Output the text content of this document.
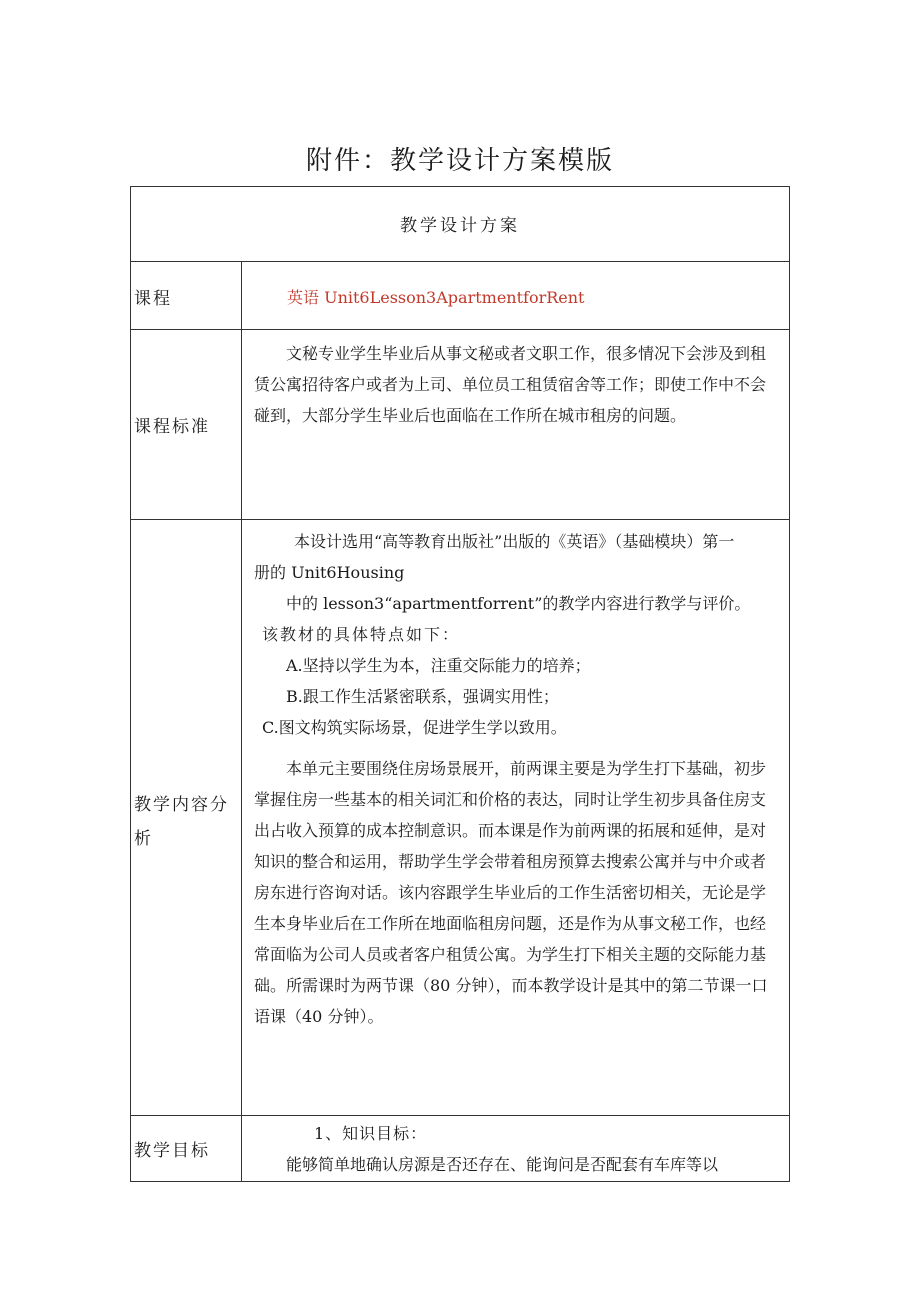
附件：教学设计方案模版
教学设计方案
课程	英语 Unit6Lesson3ApartmentforRent
课程标准

文秘专业学生毕业后从事文秘或者文职工作，很多情况下会涉及到租赁公寓招待客户或者为上司、单位员工租赁宿舍等工作；即使工作中不会碰到，大部分学生毕业后也面临在工作所在城市租房的问题。

教学内容分析
本设计选用“高等教育出版社”出版的《英语》（基础模块）第一
册的 Unit6Housing
中的 lesson3“apartmentforrent”的教学内容进行教学与评价。
该教材的具体特点如下：
A.坚持以学生为本，注重交际能力的培养；
B.跟工作生活紧密联系，强调实用性；
C.图文构筑实际场景，促进学生学以致用。

本单元主要围绕住房场景展开，前两课主要是为学生打下基础，初步掌握住房一些基本的相关词汇和价格的表达，同时让学生初步具备住房支出占收入预算的成本控制意识。而本课是作为前两课的拓展和延伸，是对知识的整合和运用，帮助学生学会带着租房预算去搜索公寓并与中介或者房东进行咨询对话。该内容跟学生毕业后的工作生活密切相关，无论是学生本身毕业后在工作所在地面临租房问题，还是作为从事文秘工作，也经常面临为公司人员或者客户租赁公寓。为学生打下相关主题的交际能力基础。所需课时为两节课（80 分钟），而本教学设计是其中的第二节课一口语课（40 分钟）。

教学目标
1、知识目标：
能够简单地确认房源是否还存在、能询问是否配套有车库等以
